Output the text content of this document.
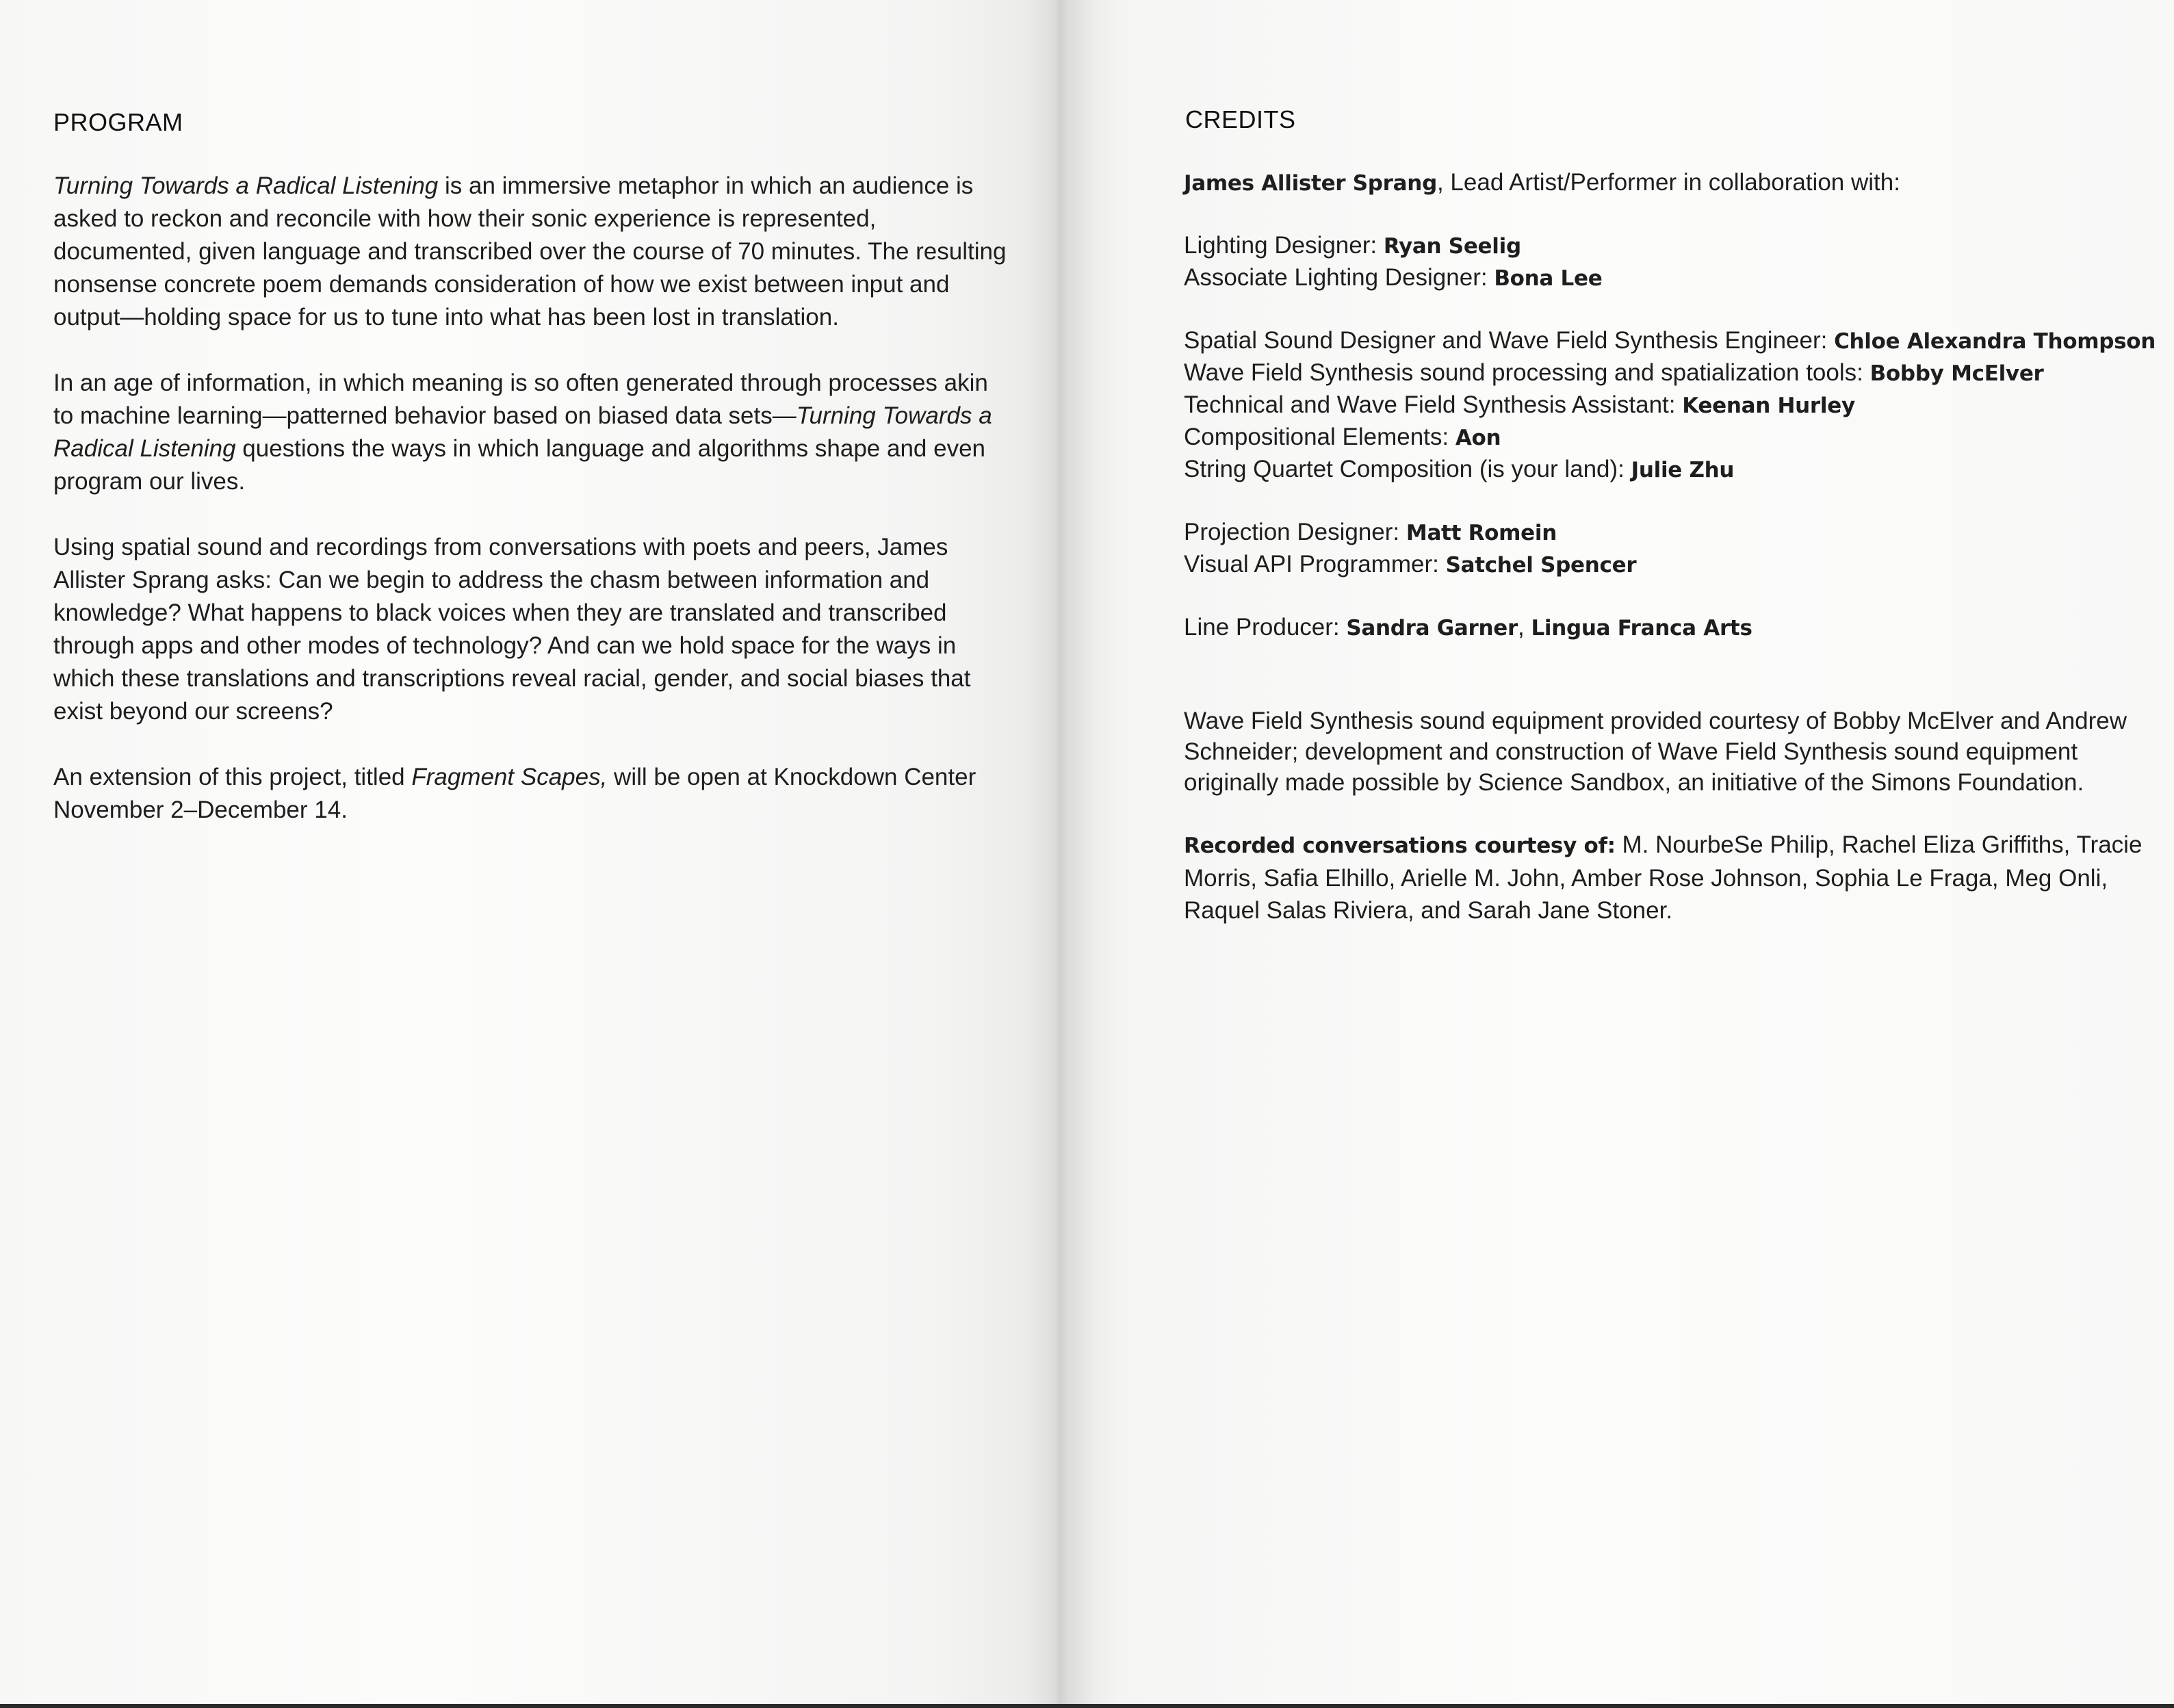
PROGRAM

Turning Towards a Radical Listening is an immersive metaphor in which an audience is asked to reckon and reconcile with how their sonic experience is represented, documented, given language and transcribed over the course of 70 minutes. The resulting nonsense concrete poem demands consideration of how we exist between input and output—holding space for us to tune into what has been lost in translation.

In an age of information, in which meaning is so often generated through processes akin to machine learning—patterned behavior based on biased data sets—Turning Towards a Radical Listening questions the ways in which language and algorithms shape and even program our lives.

Using spatial sound and recordings from conversations with poets and peers, James Allister Sprang asks: Can we begin to address the chasm between information and knowledge? What happens to black voices when they are translated and transcribed through apps and other modes of technology? And can we hold space for the ways in which these translations and transcriptions reveal racial, gender, and social biases that exist beyond our screens?

An extension of this project, titled Fragment Scapes, will be open at Knockdown Center November 2–December 14.

CREDITS
James Allister Sprang, Lead Artist/Performer in collaboration with:
Lighting Designer: Ryan Seelig
Associate Lighting Designer: Bona Lee
Spatial Sound Designer and Wave Field Synthesis Engineer: Chloe Alexandra Thompson
Wave Field Synthesis sound processing and spatialization tools: Bobby McElver
Technical and Wave Field Synthesis Assistant: Keenan Hurley
Compositional Elements: Aon
String Quartet Composition (is your land): Julie Zhu
Projection Designer: Matt Romein
Visual API Programmer: Satchel Spencer
Line Producer: Sandra Garner, Lingua Franca Arts

Wave Field Synthesis sound equipment provided courtesy of Bobby McElver and Andrew Schneider; development and construction of Wave Field Synthesis sound equipment originally made possible by Science Sandbox, an initiative of the Simons Foundation.

Recorded conversations courtesy of: M. NourbeSe Philip, Rachel Eliza Griffiths, Tracie Morris, Safia Elhillo, Arielle M. John, Amber Rose Johnson, Sophia Le Fraga, Meg Onli, Raquel Salas Riviera, and Sarah Jane Stoner.
